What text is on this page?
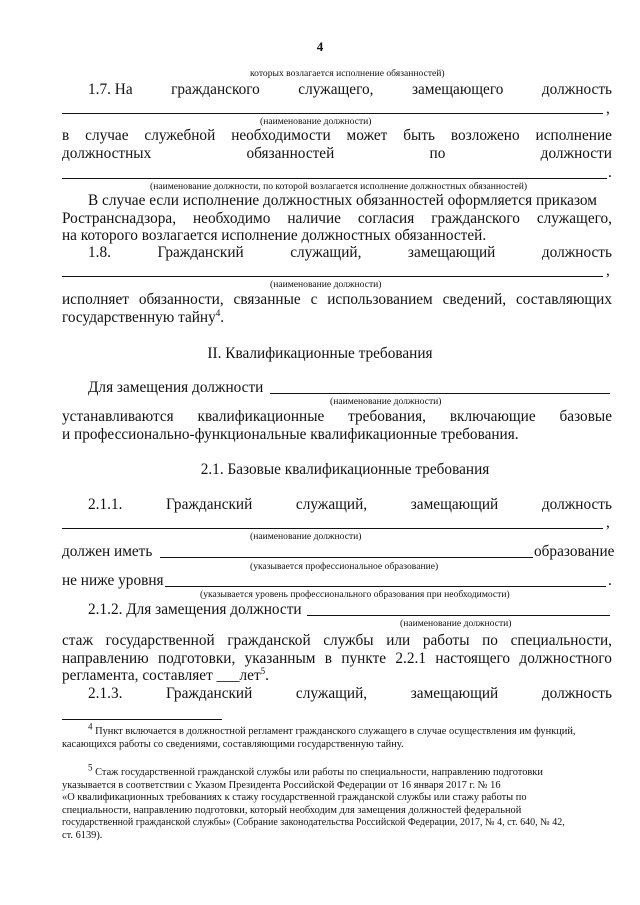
4
которых возлагается исполнение обязанностей)
1.7. На	гражданского	служащего,	замещающего	должность
,
(наименование должности)
в случае служебной необходимости может быть возложено исполнение
должностных	обязанностей	по	должности
.
(наименование должности, по которой возлагается исполнение должностных обязанностей)
В случае если исполнение должностных обязанностей оформляется приказом
Ространснадзора, необходимо наличие согласия гражданского служащего,
на которого возлагается исполнение должностных обязанностей.
1.8.	Гражданский	служащий,	замещающий	должность
,
(наименование должности)
исполняет обязанности, связанные с использованием сведений, составляющих
государственную тайну$^4$.
II. Квалификационные требования
Для замещения должности
(наименование должности)
устанавливаются квалификационные требования, включающие базовые
и профессионально-функциональные квалификационные требования.
2.1. Базовые квалификационные требования
2.1.1.	Гражданский	служащий,	замещающий	должность
,
(наименование должности)
должен иметь	образование
(указывается профессиональное образование)
не ниже уровня	.
(указывается уровень профессионального образования при необходимости)
2.1.2. Для замещения должности
(наименование должности)
стаж государственной гражданской службы или работы по специальности,
направлению подготовки, указанным в пункте 2.2.1 настоящего должностного
регламента, составляет ___лет$^5$.
2.1.3.	Гражданский	служащий,	замещающий	должность
$^4$ Пункт включается в должностной регламент гражданского служащего в случае осуществления им функций,
касающихся работы со сведениями, составляющими государственную тайну.
$^5$ Стаж государственной гражданской службы или работы по специальности, направлению подготовки
указывается в соответствии с Указом Президента Российской Федерации от 16 января 2017 г. № 16
«О квалификационных требованиях к стажу государственной гражданской службы или стажу работы по
специальности, направлению подготовки, который необходим для замещения должностей федеральной
государственной гражданской службы» (Собрание законодательства Российской Федерации, 2017, № 4, ст. 640, № 42,
ст. 6139).
